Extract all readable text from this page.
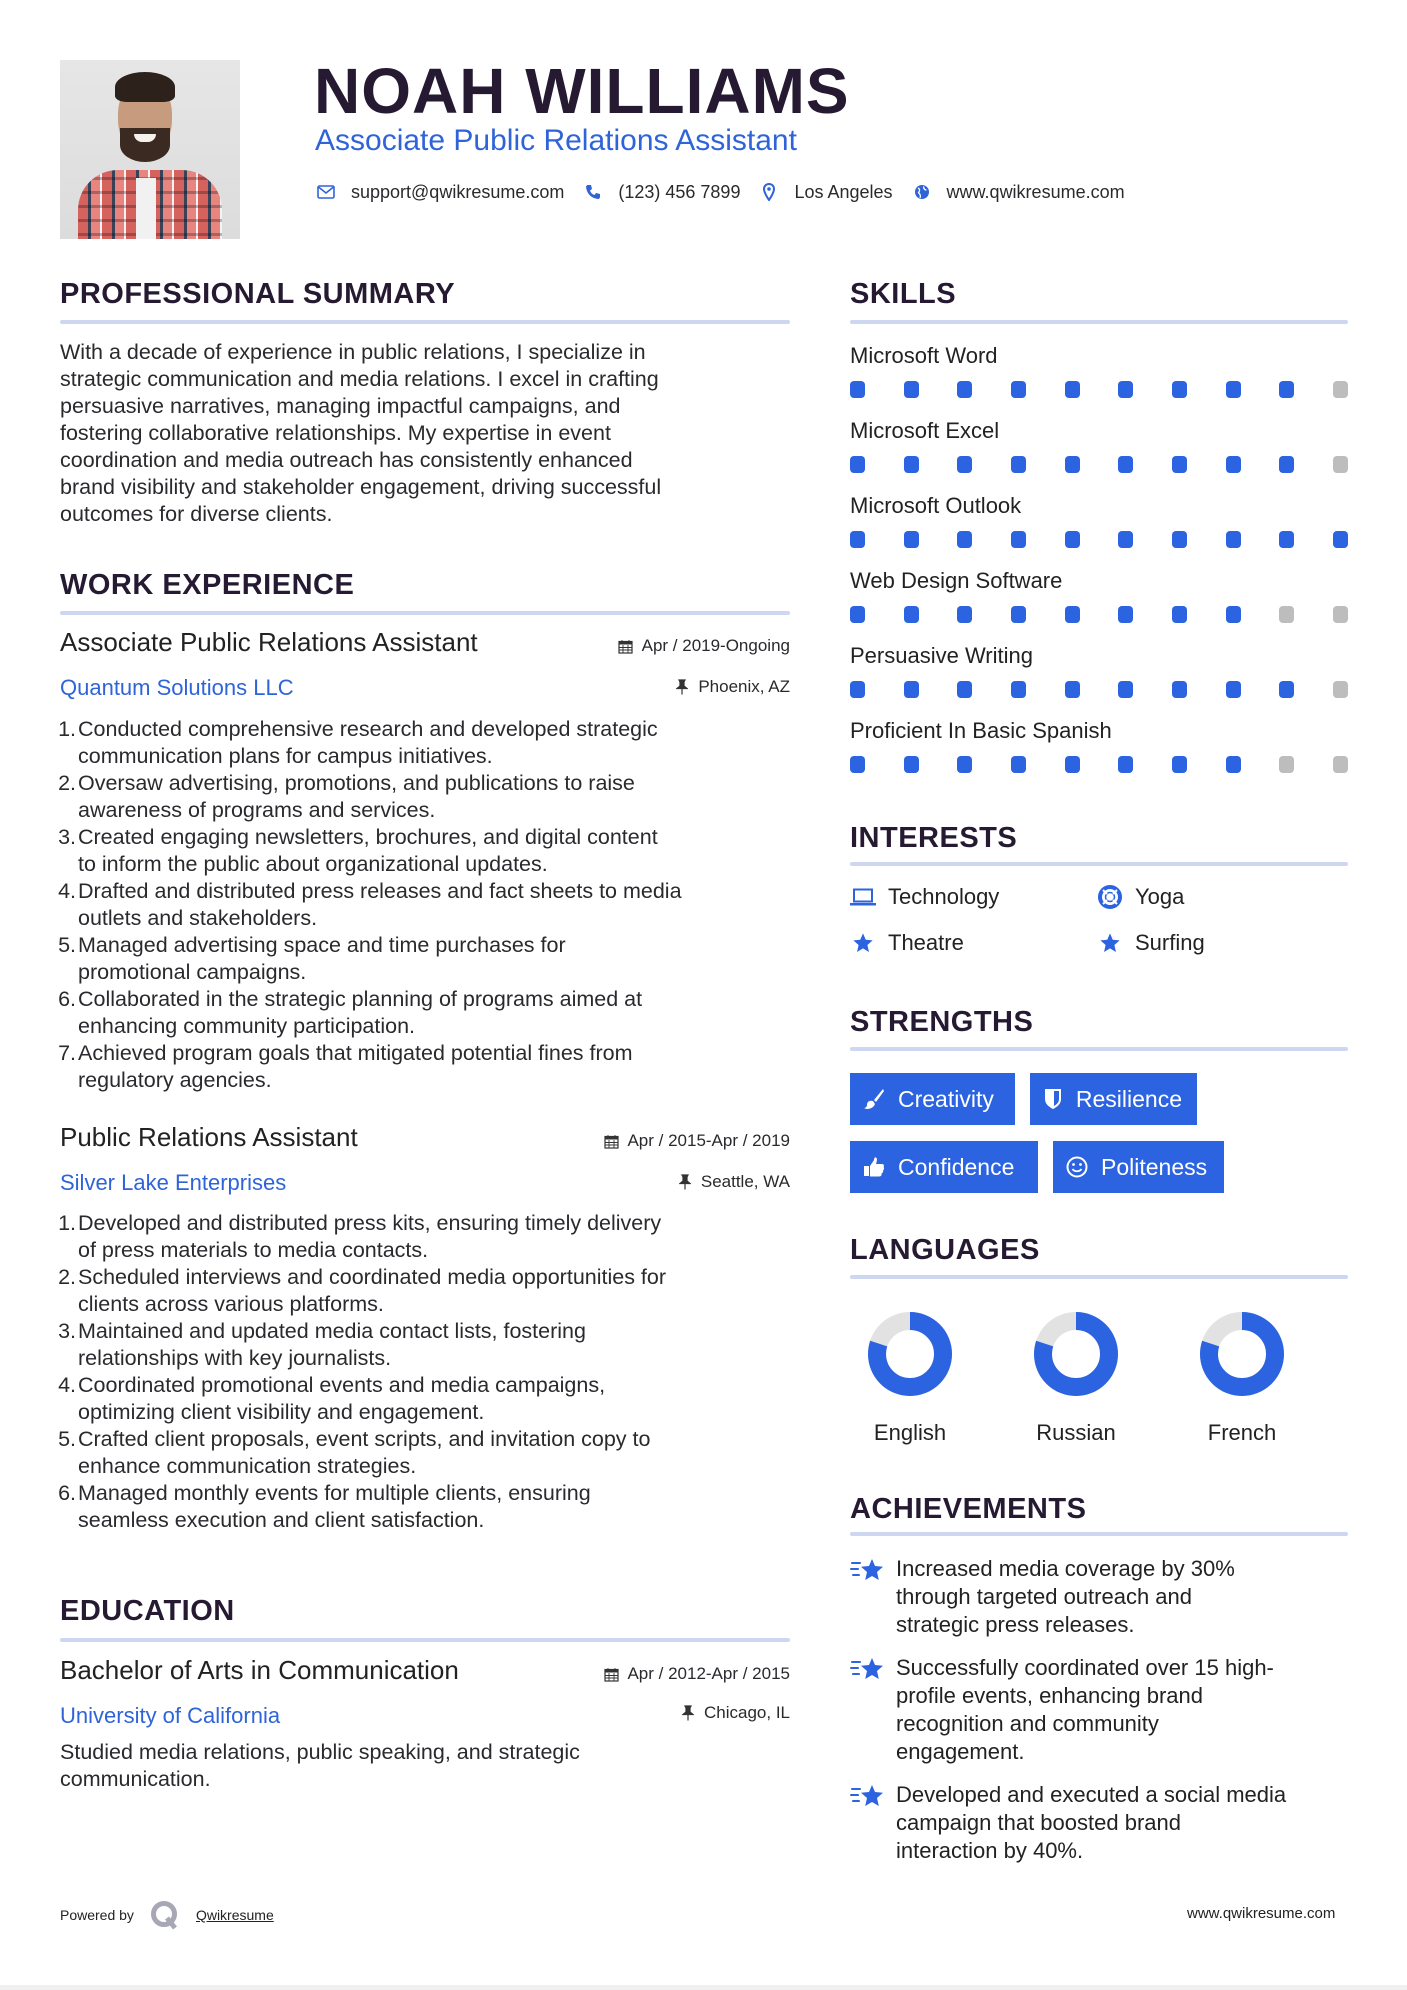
NOAH WILLIAMS
Associate Public Relations Assistant
support@qwikresume.com	(123) 456 7899	Los Angeles	www.qwikresume.com
PROFESSIONAL SUMMARY
With a decade of experience in public relations, I specialize in
strategic communication and media relations. I excel in crafting
persuasive narratives, managing impactful campaigns, and
fostering collaborative relationships. My expertise in event
coordination and media outreach has consistently enhanced
brand visibility and stakeholder engagement, driving successful
outcomes for diverse clients.
WORK EXPERIENCE
Associate Public Relations Assistant	Apr / 2019-Ongoing
Quantum Solutions LLC	Phoenix, AZ
1. Conducted comprehensive research and developed strategic
communication plans for campus initiatives.
2. Oversaw advertising, promotions, and publications to raise
awareness of programs and services.
3. Created engaging newsletters, brochures, and digital content
to inform the public about organizational updates.
4. Drafted and distributed press releases and fact sheets to media
outlets and stakeholders.
5. Managed advertising space and time purchases for
promotional campaigns.
6. Collaborated in the strategic planning of programs aimed at
enhancing community participation.
7. Achieved program goals that mitigated potential fines from
regulatory agencies.
Public Relations Assistant	Apr / 2015-Apr / 2019
Silver Lake Enterprises	Seattle, WA
1. Developed and distributed press kits, ensuring timely delivery
of press materials to media contacts.
2. Scheduled interviews and coordinated media opportunities for
clients across various platforms.
3. Maintained and updated media contact lists, fostering
relationships with key journalists.
4. Coordinated promotional events and media campaigns,
optimizing client visibility and engagement.
5. Crafted client proposals, event scripts, and invitation copy to
enhance communication strategies.
6. Managed monthly events for multiple clients, ensuring
seamless execution and client satisfaction.
EDUCATION
Bachelor of Arts in Communication	Apr / 2012-Apr / 2015
University of California	Chicago, IL
Studied media relations, public speaking, and strategic
communication.
SKILLS
Microsoft Word
Microsoft Excel
Microsoft Outlook
Web Design Software
Persuasive Writing
Proficient In Basic Spanish
INTERESTS
Technology	Yoga
Theatre	Surfing
STRENGTHS
Creativity	Resilience
Confidence	Politeness
LANGUAGES
English	Russian	French
ACHIEVEMENTS
Increased media coverage by 30%
through targeted outreach and
strategic press releases.
Successfully coordinated over 15 high-
profile events, enhancing brand
recognition and community
engagement.
Developed and executed a social media
campaign that boosted brand
interaction by 40%.
Powered by	Qwikresume	www.qwikresume.com
